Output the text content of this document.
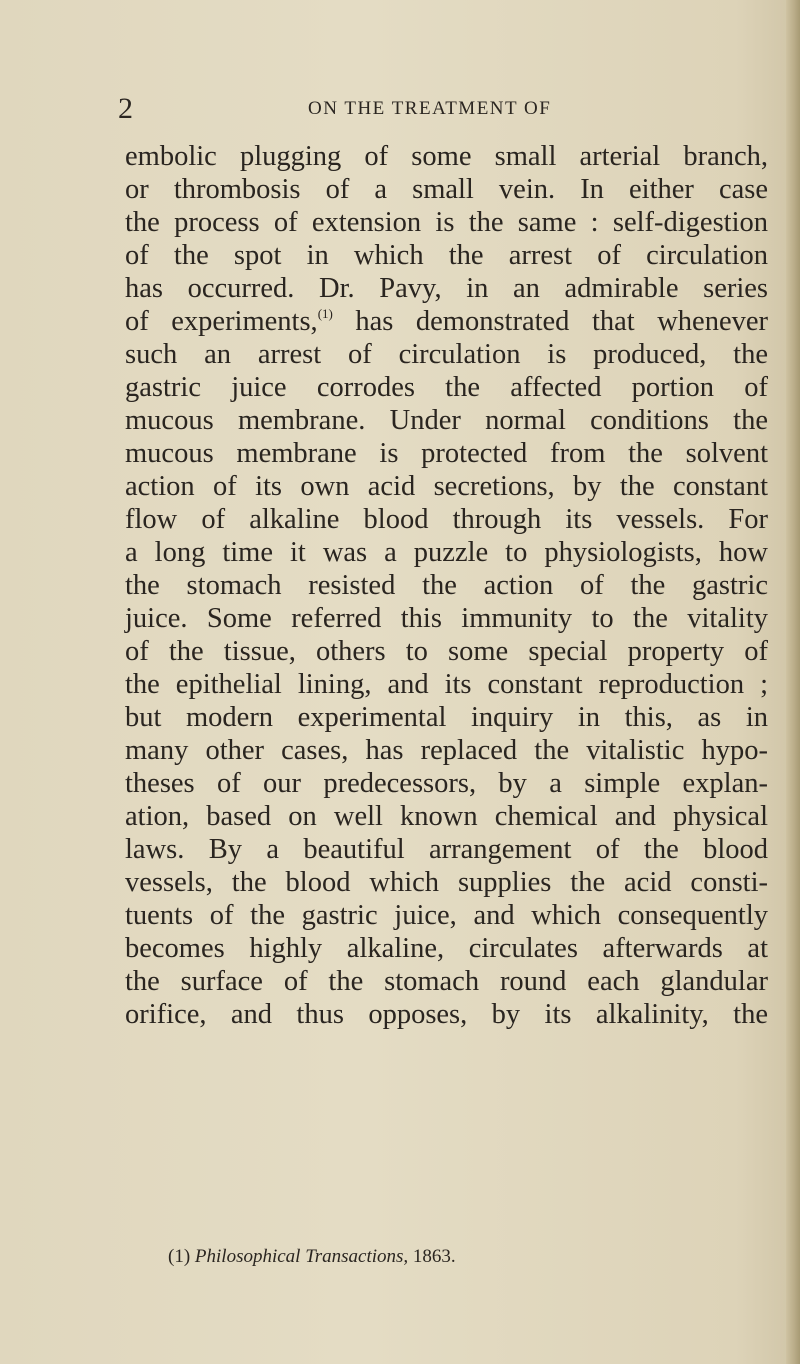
2	ON THE TREATMENT OF
embolic plugging of some small arterial branch,
or thrombosis of a small vein. In either case
the process of extension is the same : self-digestion
of the spot in which the arrest of circulation
has occurred. Dr. Pavy, in an admirable series
of experiments,$^{(1)}$ has demonstrated that whenever
such an arrest of circulation is produced, the
gastric juice corrodes the affected portion of
mucous membrane. Under normal conditions the
mucous membrane is protected from the solvent
action of its own acid secretions, by the constant
flow of alkaline blood through its vessels. For
a long time it was a puzzle to physiologists, how
the stomach resisted the action of the gastric
juice. Some referred this immunity to the vitality
of the tissue, others to some special property of
the epithelial lining, and its constant reproduction ;
but modern experimental inquiry in this, as in
many other cases, has replaced the vitalistic hypo-
theses of our predecessors, by a simple explan-
ation, based on well known chemical and physical
laws. By a beautiful arrangement of the blood
vessels, the blood which supplies the acid consti-
tuents of the gastric juice, and which consequently
becomes highly alkaline, circulates afterwards at
the surface of the stomach round each glandular
orifice, and thus opposes, by its alkalinity, the
(1) Philosophical Transactions, 1863.
